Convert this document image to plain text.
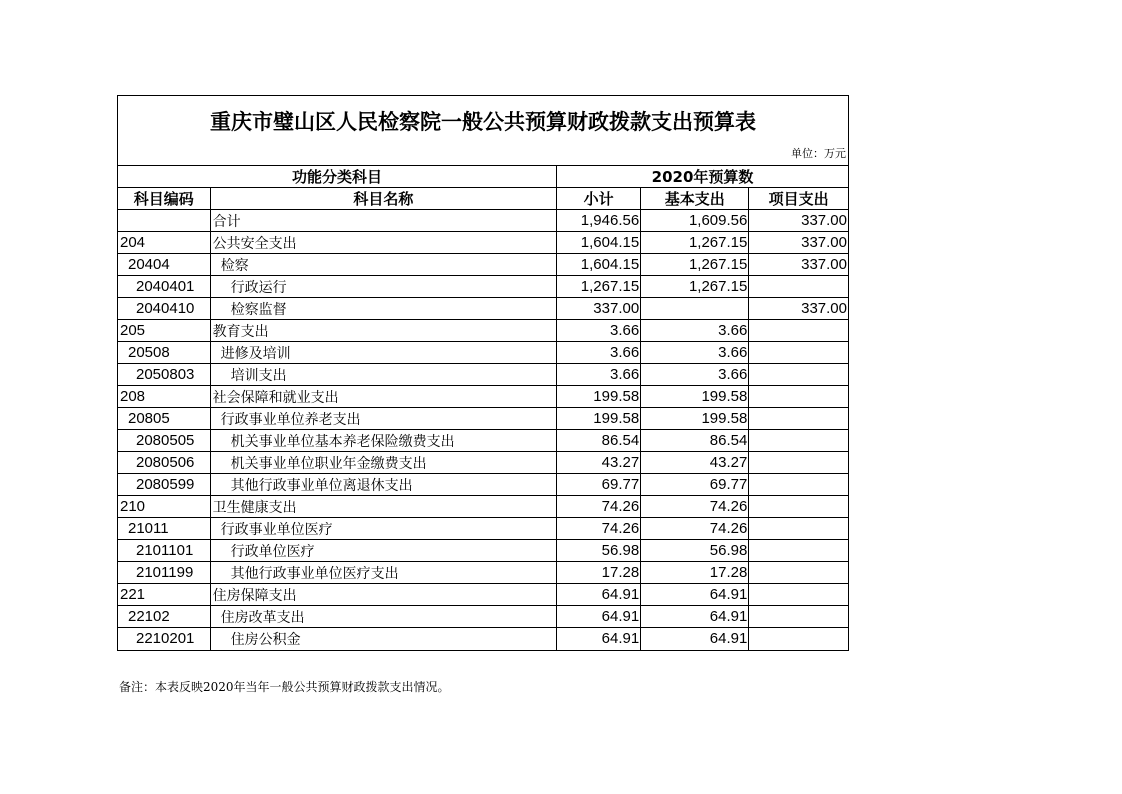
重庆市璧山区人民检察院一般公共预算财政拨款支出预算表
单位：万元
功能分类科目		2020年预算数		
科目编码	科目名称	小计	基本支出	项目支出
	合计	1,946.56	1,609.56	337.00
204	公共安全支出	1,604.15	1,267.15	337.00
20404	检察	1,604.15	1,267.15	337.00
2040401	行政运行	1,267.15	1,267.15	
2040410	检察监督	337.00		337.00
205	教育支出	3.66	3.66	
20508	进修及培训	3.66	3.66	
2050803	培训支出	3.66	3.66	
208	社会保障和就业支出	199.58	199.58	
20805	行政事业单位养老支出	199.58	199.58	
2080505	机关事业单位基本养老保险缴费支出	86.54	86.54	
2080506	机关事业单位职业年金缴费支出	43.27	43.27	
2080599	其他行政事业单位离退休支出	69.77	69.77	
210	卫生健康支出	74.26	74.26	
21011	行政事业单位医疗	74.26	74.26	
2101101	行政单位医疗	56.98	56.98	
2101199	其他行政事业单位医疗支出	17.28	17.28	
221	住房保障支出	64.91	64.91	
22102	住房改革支出	64.91	64.91	
2210201	住房公积金	64.91	64.91	
备注：本表反映2020年当年一般公共预算财政拨款支出情况。
